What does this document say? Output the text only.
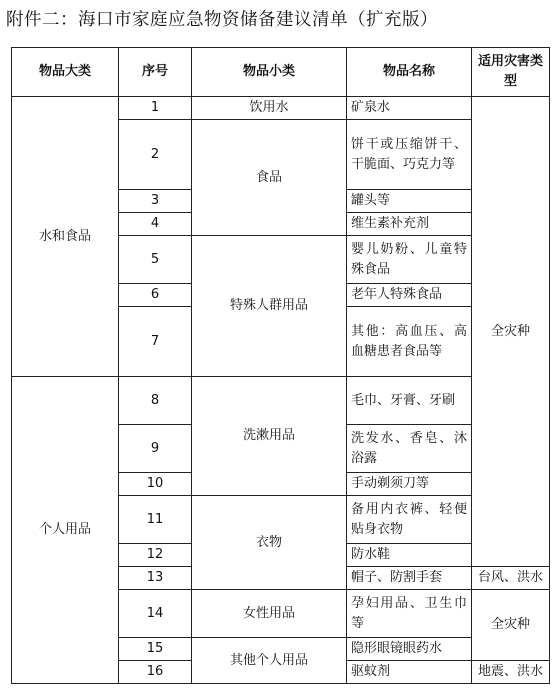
附件二：海口市家庭应急物资储备建议清单（扩充版）
物品大类	序号	物品小类	物品名称	适用灾害类型
水和食品	1	饮用水	矿泉水	全灾种
	2	食品	饼干或压缩饼干、干脆面、巧克力等	

	3		罐头等	

	4		维生素补充剂	

	5	特殊人群用品	婴儿奶粉、儿童特殊食品	

	6		老年人特殊食品	

	7		其他：高血压、高血糖患者食品等	

个人用品	8	洗漱用品	毛巾、牙膏、牙刷	

	9		洗发水、香皂、沐浴露	

	10		手动剃须刀等	

	11	衣物	备用内衣裤、轻便贴身衣物	

	12		防水鞋	

	13		帽子、防割手套	台风、洪水
	14	女性用品	孕妇用品、卫生巾等	全灾种
	15	其他个人用品	隐形眼镜眼药水	

	16		驱蚊剂	地震、洪水
